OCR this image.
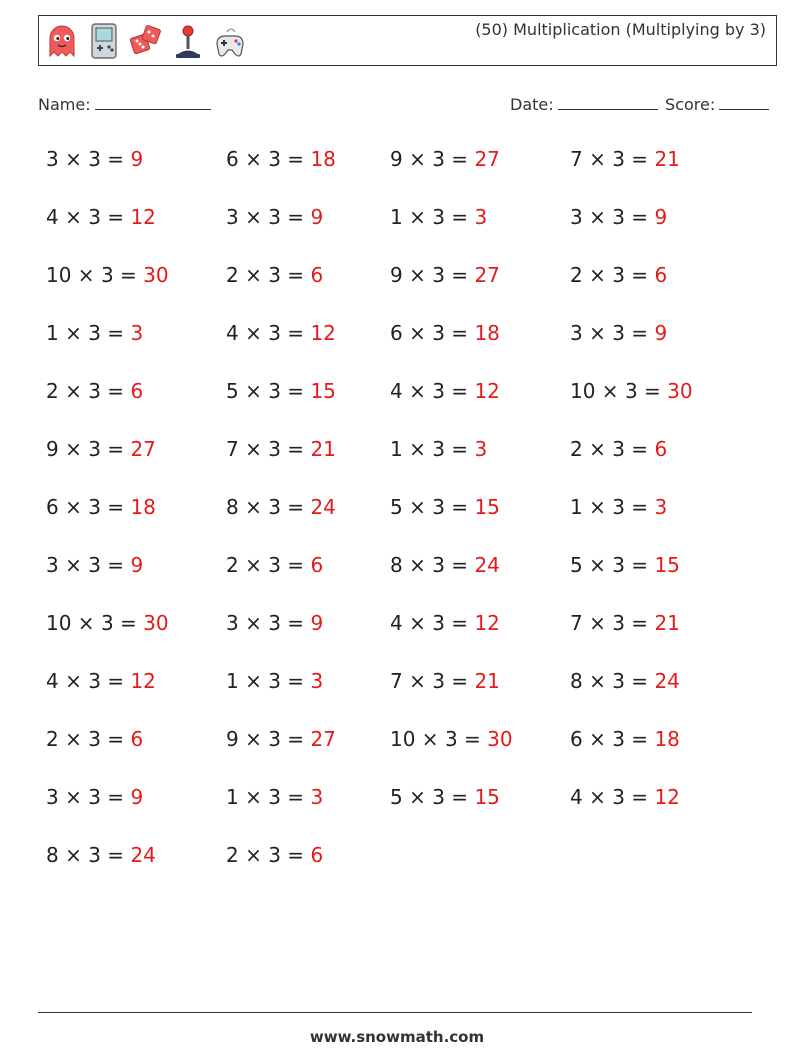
(50) Multiplication (Multiplying by 3)
Name:	Date:	Score:
3 × 3 = 9
4 × 3 = 12
10 × 3 = 30
1 × 3 = 3
2 × 3 = 6
9 × 3 = 27
6 × 3 = 18
3 × 3 = 9
10 × 3 = 30
4 × 3 = 12
2 × 3 = 6
3 × 3 = 9
8 × 3 = 24
6 × 3 = 18
3 × 3 = 9
2 × 3 = 6
4 × 3 = 12
5 × 3 = 15
7 × 3 = 21
8 × 3 = 24
2 × 3 = 6
3 × 3 = 9
1 × 3 = 3
9 × 3 = 27
1 × 3 = 3
2 × 3 = 6
9 × 3 = 27
1 × 3 = 3
9 × 3 = 27
6 × 3 = 18
4 × 3 = 12
1 × 3 = 3
5 × 3 = 15
8 × 3 = 24
4 × 3 = 12
7 × 3 = 21
10 × 3 = 30
5 × 3 = 15
7 × 3 = 21
3 × 3 = 9
2 × 3 = 6
3 × 3 = 9
10 × 3 = 30
2 × 3 = 6
1 × 3 = 3
5 × 3 = 15
7 × 3 = 21
8 × 3 = 24
6 × 3 = 18
4 × 3 = 12
www.snowmath.com
